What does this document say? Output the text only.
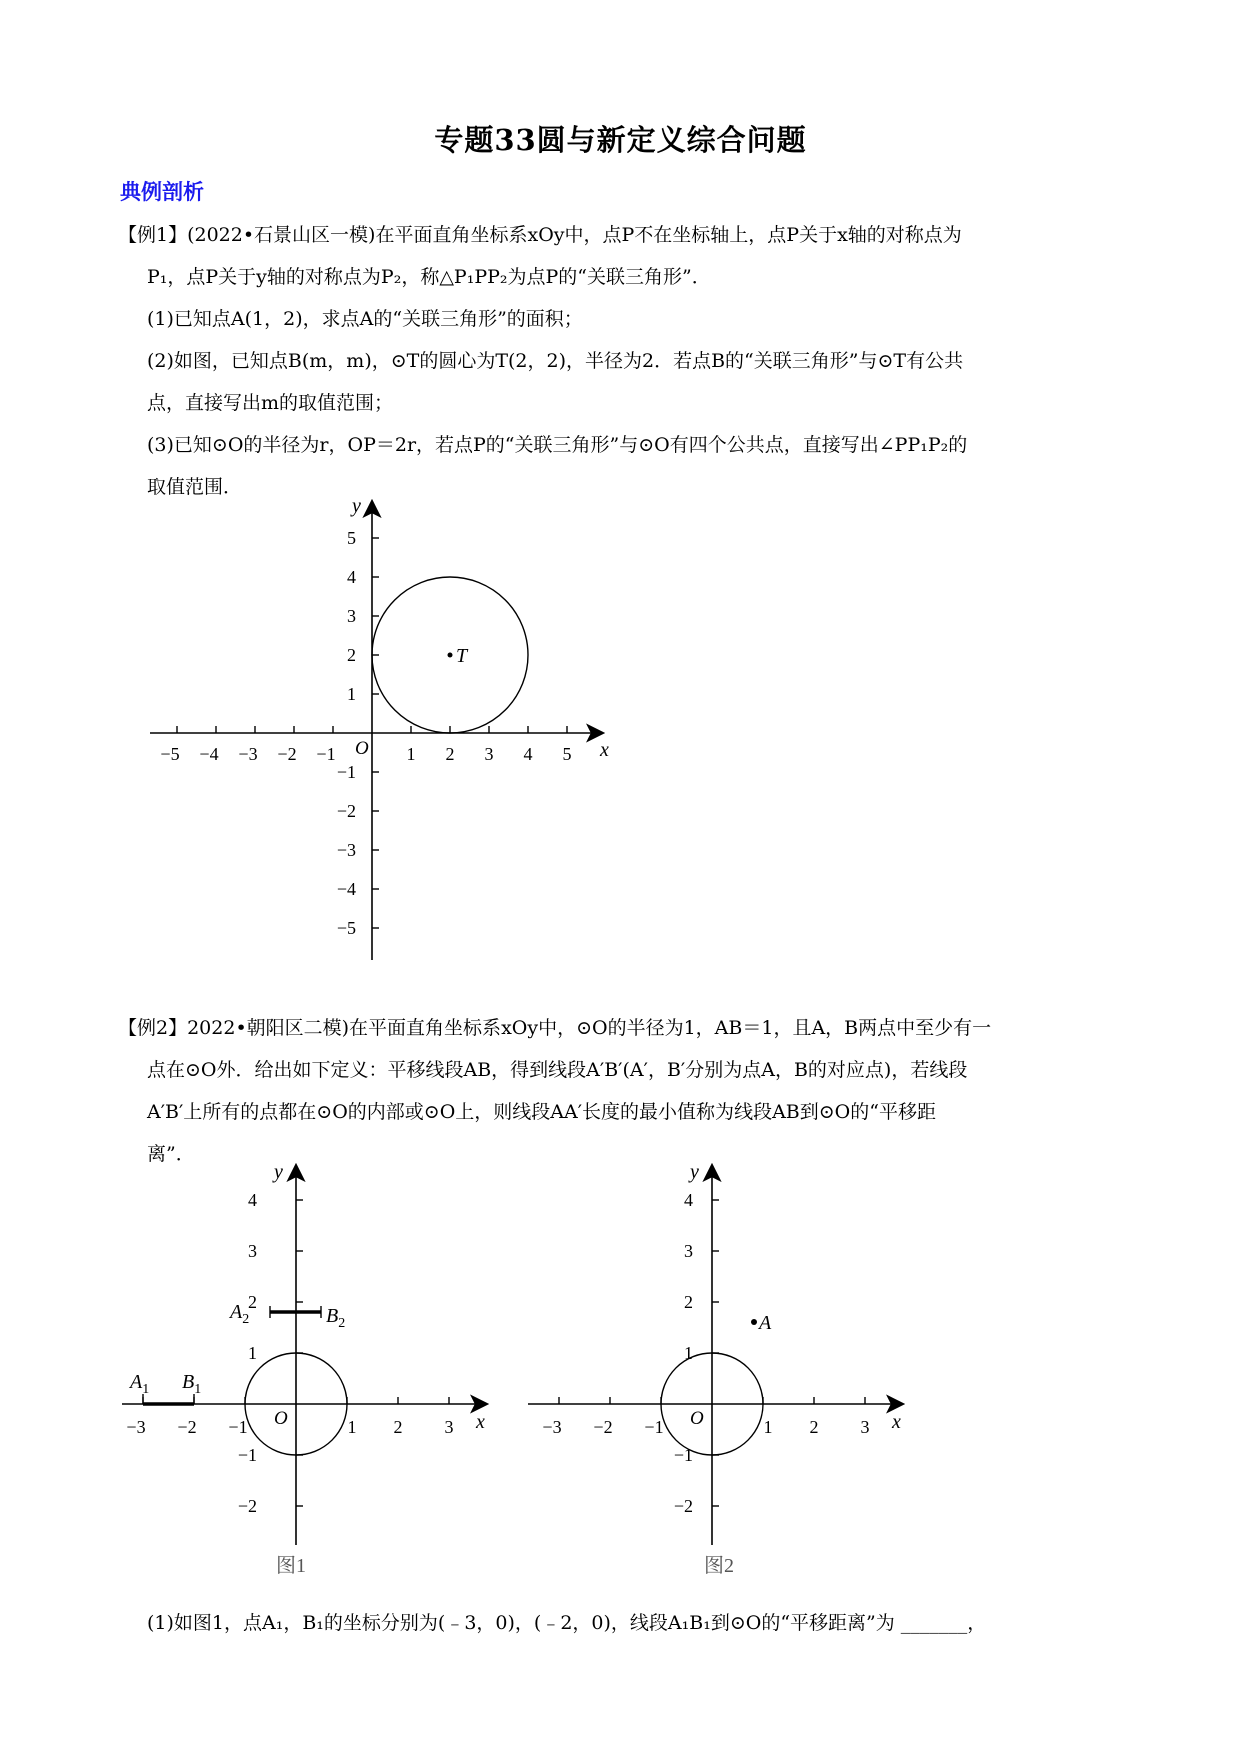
专题33圆与新定义综合问题
典例剖析
【例1】(2022•石景山区一模)在平面直角坐标系xOy中，点P不在坐标轴上，点P关于x轴的对称点为
P₁，点P关于y轴的对称点为P₂，称△P₁PP₂为点P的“关联三角形”．
(1)已知点A(1，2)，求点A的“关联三角形”的面积；
(2)如图，已知点B(m，m)，⊙T的圆心为T(2，2)，半径为2．若点B的“关联三角形”与⊙T有公共
点，直接写出m的取值范围；
(3)已知⊙O的半径为r，OP＝2r，若点P的“关联三角形”与⊙O有四个公共点，直接写出∠PP₁P₂的
取值范围．
T
O	x
y
−5 −4 −3 −2 −1	1 2 3 4 5
5
4
3
2
1
−1
−2
−3
−4
−5
【例2】2022•朝阳区二模)在平面直角坐标系xOy中，⊙O的半径为1，AB＝1，且A，B两点中至少有一
点在⊙O外．给出如下定义：平移线段AB，得到线段A′B′(A′，B′分别为点A，B的对应点)，若线段
A′B′上所有的点都在⊙O的内部或⊙O上，则线段AA′长度的最小值称为线段AB到⊙O的“平移距
离”．
$A_1$ $B_1$
$A_2$	$B_2$
O	x
y
−3 −2 −1	1 2 3
4
3
2
1
−1
−2
图1
A
O	x
y
−3 −2 −1	1 2 3
4
3
2
1
−1
−2
图2
(1)如图1，点A₁，B₁的坐标分别为(﹣3，0)，(﹣2，0)，线段A₁B₁到⊙O的“平移距离”为 _______，
